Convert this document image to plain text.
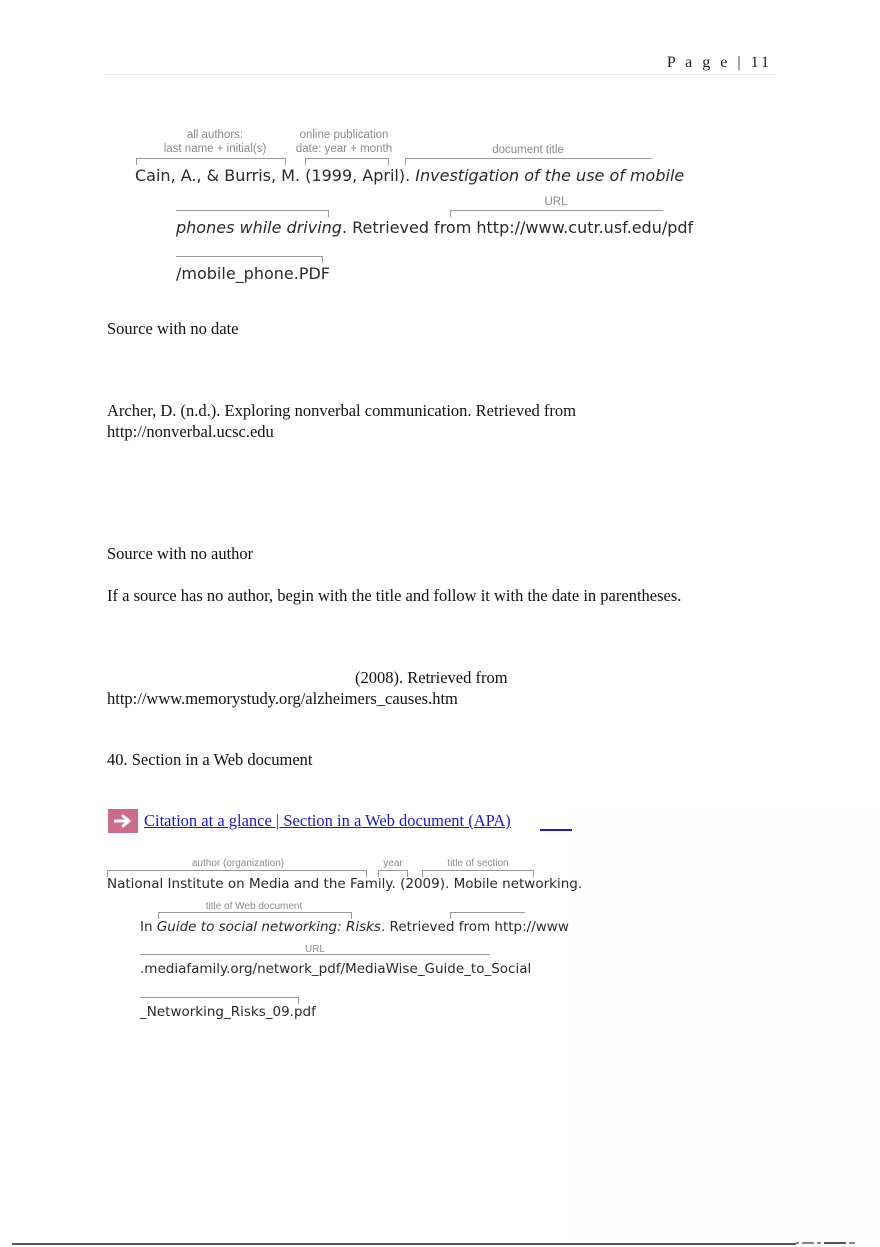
P a g e | 11
all authors:
last name + initial(s)
online publication
date: year + month	document title
Cain, A., & Burris, M. (1999, April). Investigation of the use of mobile
URL
phones while driving. Retrieved from http://www.cutr.usf.edu/pdf
/mobile_phone.PDF
Source with no date
Archer, D. (n.d.). Exploring nonverbal communication. Retrieved from
http://nonverbal.ucsc.edu
Source with no author
If a source has no author, begin with the title and follow it with the date in parentheses.
(2008). Retrieved from
http://www.memorystudy.org/alzheimers_causes.htm
40. Section in a Web document
Citation at a glance | Section in a Web document (APA)
author (organization)	year	title of section
National Institute on Media and the Family. (2009). Mobile networking.
title of Web document
In Guide to social networking: Risks. Retrieved from http://www
URL
.mediafamily.org/network_pdf/MediaWise_Guide_to_Social
_Networking_Risks_09.pdf
